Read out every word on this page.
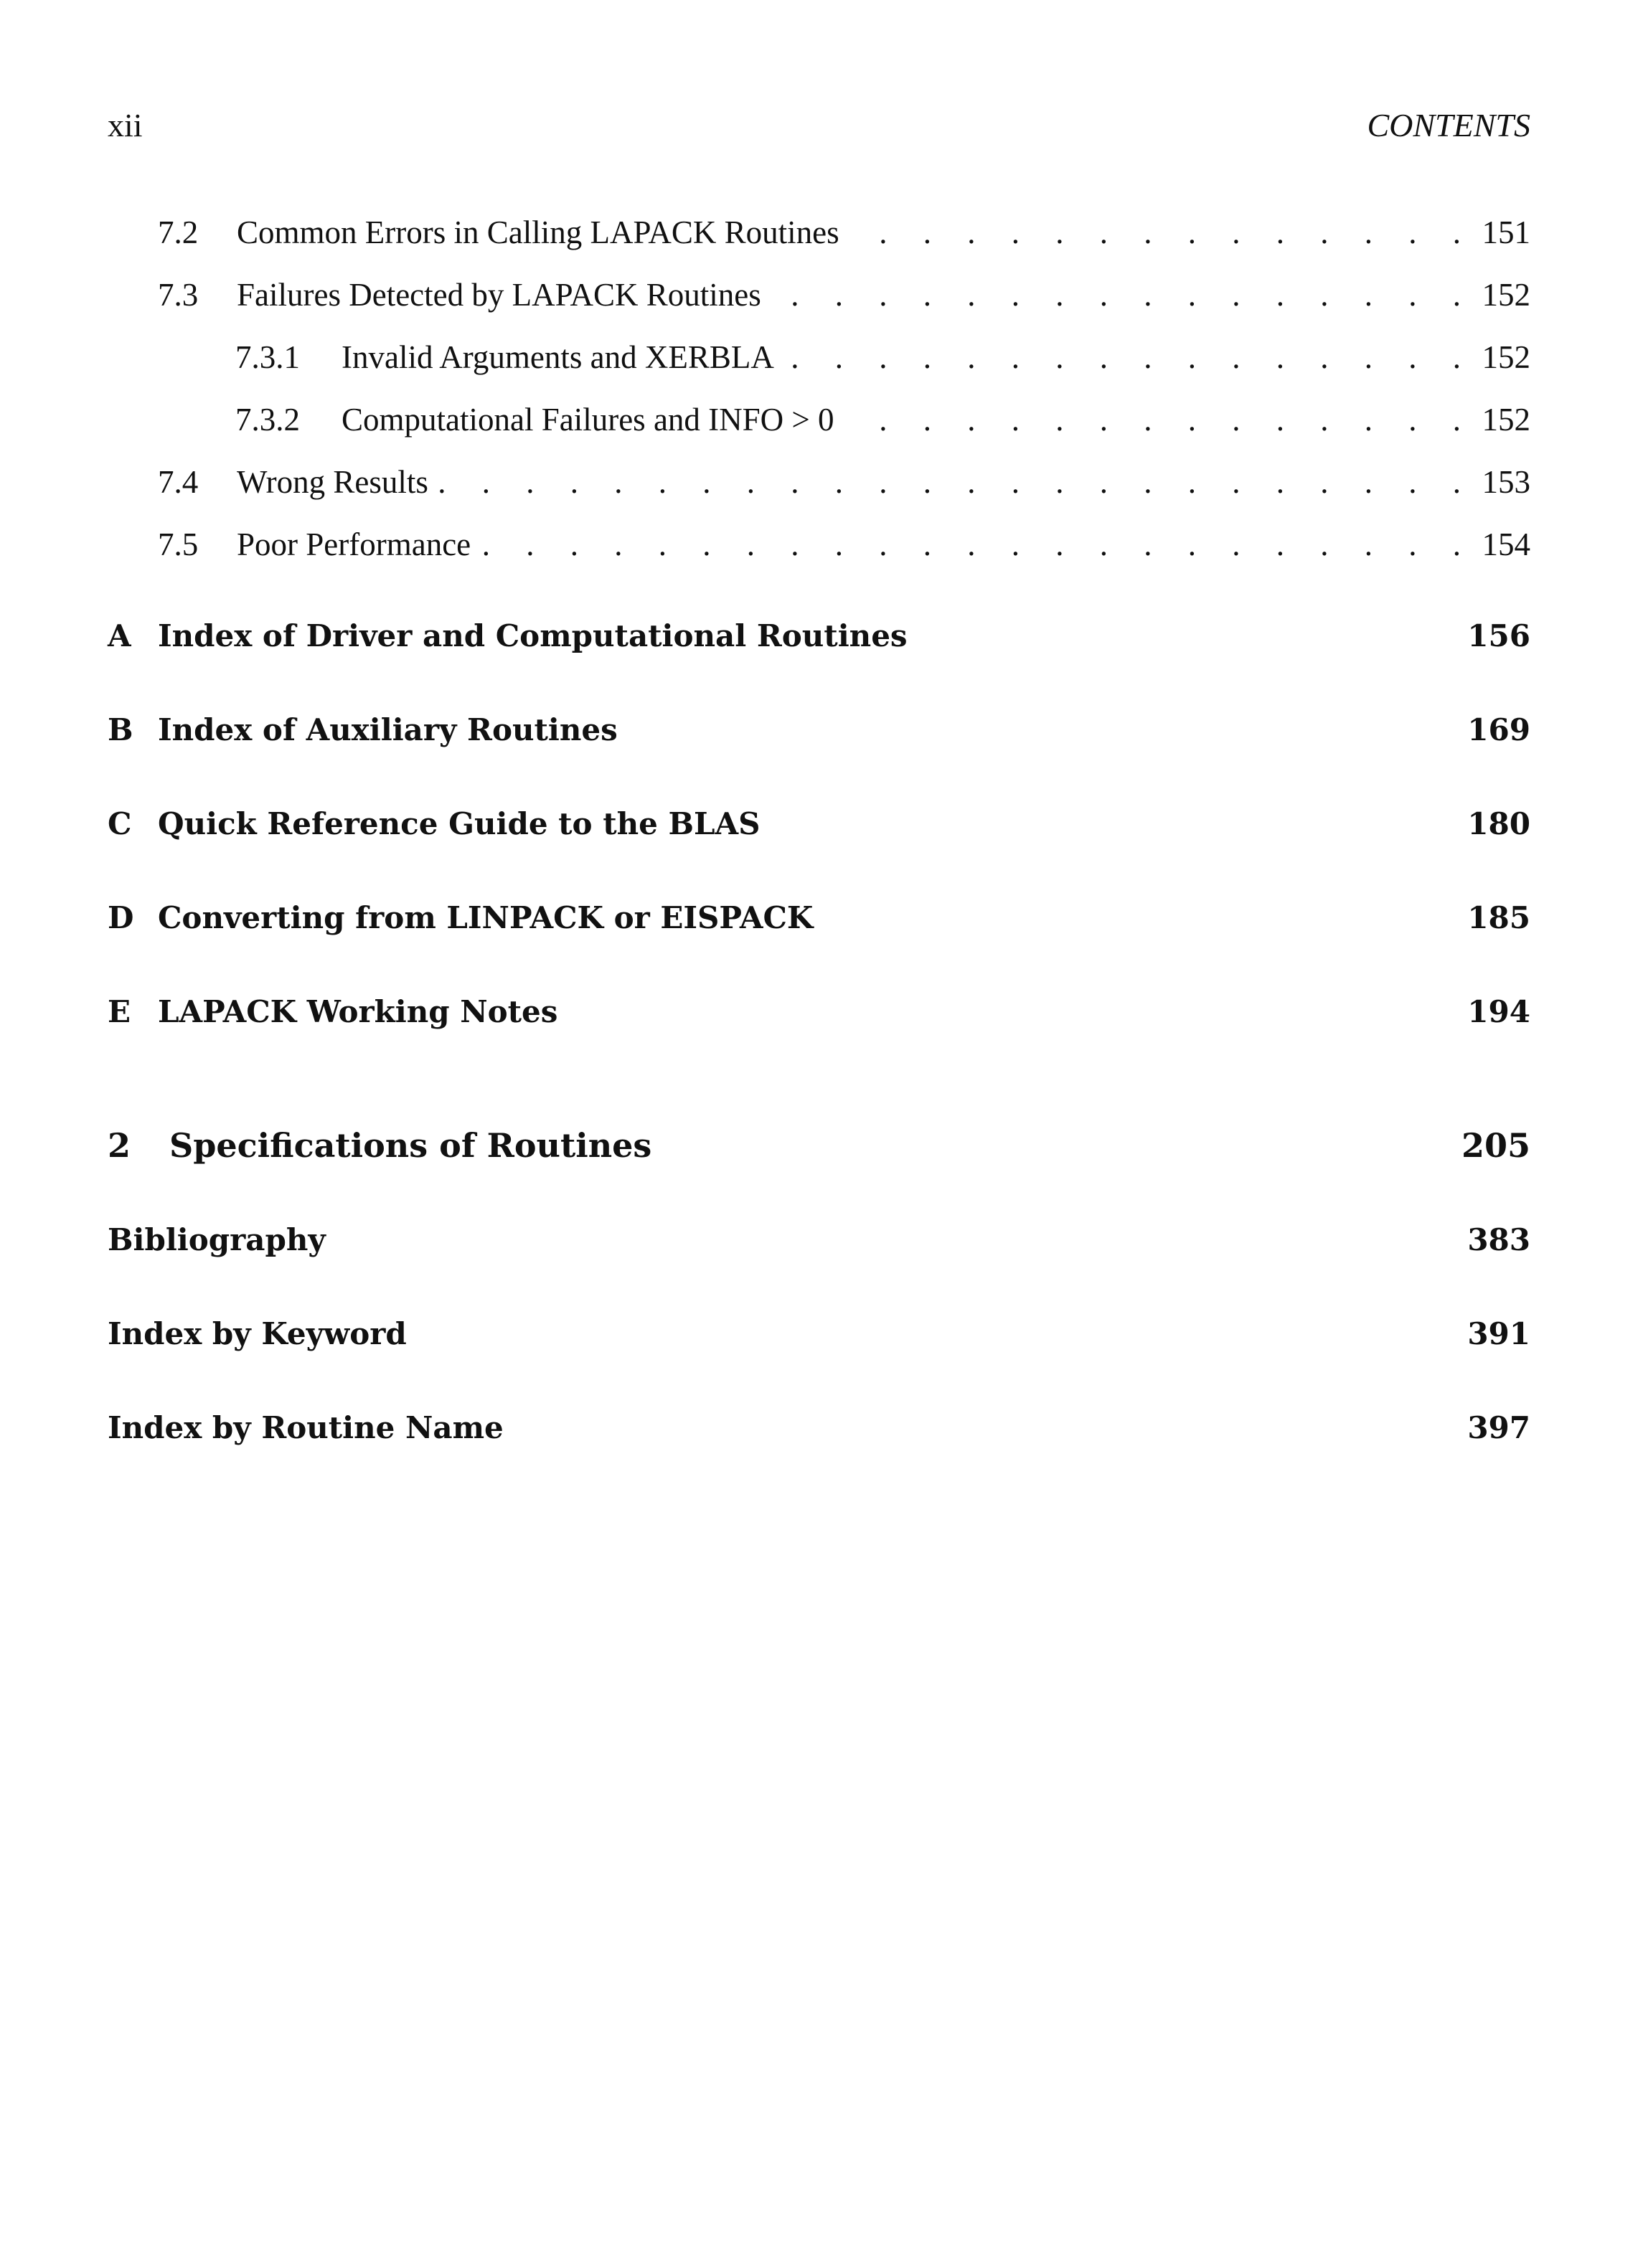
xii	CONTENTS
7.2	Common Errors in Calling LAPACK Routines . . .	151
7.3	Failures Detected by LAPACK Routines . . .	152
7.3.1	Invalid Arguments and XERBLA . . .	152
7.3.2	Computational Failures and INFO > 0 . . .	152
7.4	Wrong Results . . .	153
7.5	Poor Performance . . .	154
A Index of Driver and Computational Routines	156
B Index of Auxiliary Routines	169
C Quick Reference Guide to the BLAS	180
D Converting from LINPACK or EISPACK	185
E LAPACK Working Notes	194
2 Specifications of Routines	205
Bibliography	383
Index by Keyword	391
Index by Routine Name	397
